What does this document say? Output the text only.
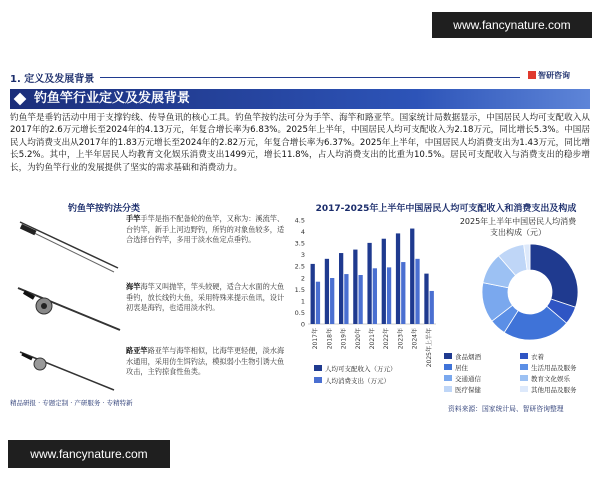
www.fancynature.com
1. 定义及发展背景	智研咨询
钓鱼竿行业定义及发展背景

钓鱼竿是垂钓活动中用于支撑钓线、传导鱼讯的核心工具。钓鱼竿按钓法可分为手竿、海竿和路亚竿。国家统计局数据显示，中国居民人均可支配收入从2017年的2.6万元增长至2024年的4.13万元，年复合增长率为6.83%。2025年上半年，中国居民人均可支配收入为2.18万元，同比增长5.3%。中国居民人均消费支出从2017年的1.83万元增长至2024年的2.82万元，年复合增长率为6.37%。2025年上半年，中国居民人均消费支出为1.43万元，同比增长5.2%。其中，上半年居民人均教育文化娱乐消费支出1499元，增长11.8%，占人均消费支出的比重为10.5%。居民可支配收入与消费支出的稳步增长，为钓鱼竿行业的发展提供了坚实的需求基础和消费动力。

钓鱼竿按钓法分类
手竿手竿是指不配备轮的鱼竿，又称为：溪流竿、台钓竿，新手上河边野钓，所钓的对象鱼较多，适合选择台钓竿，多用于淡水鱼定点垂钓。
海竿海竿又叫抛竿，竿头较硬，适合大水面的大鱼垂钓，放长线钓大鱼，采用特殊来提示鱼讯，设计初衷是海钓，也适用淡水钓。
路亚竿路亚竿与海竿相似，比海竿更轻便，淡水海水通用，采用仿生饵钓法，模拟弱小生物引诱大鱼攻击，主钓掠食性鱼类。
2017-2025年上半年中国居民人均可支配收入和消费支出及构成
0
0.5
1
1.5
2
2.5
3
3.5
4
4.5
2017年 2018年 2019年 2020年 2021年 2022年 2023年 2024年 2025年上半年
人均可支配收入（万元）
人均消费支出（万元）
2025年上半年中国居民人均消费
支出构成（元）
食品烟酒	衣着
居住	生活用品及服务
交通通信	教育文化娱乐
医疗保健	其他用品及服务
资料来源：国家统计局、智研咨询整理
精品研报 · 专题定制 · 产研服务 · 专精特新
www.fancynature.com
